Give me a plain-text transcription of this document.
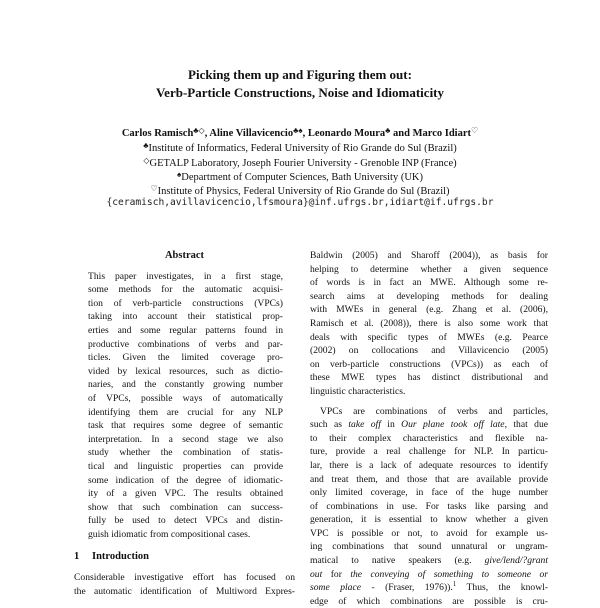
Picking them up and Figuring them out:
Verb-Particle Constructions, Noise and Idiomaticity
Carlos Ramisch♣◇, Aline Villavicencio♣♠, Leonardo Moura♣ and Marco Idiart♡
♣Institute of Informatics, Federal University of Rio Grande do Sul (Brazil)
◇GETALP Laboratory, Joseph Fourier University - Grenoble INP (France)
♠Department of Computer Sciences, Bath University (UK)
♡Institute of Physics, Federal University of Rio Grande do Sul (Brazil)
{ceramisch,avillavicencio,lfsmoura}@inf.ufrgs.br,idiart@if.ufrgs.br
Abstract
This paper investigates, in a first stage,
some methods for the automatic acquisi-
tion of verb-particle constructions (VPCs)
taking into account their statistical prop-
erties and some regular patterns found in
productive combinations of verbs and par-
ticles. Given the limited coverage pro-
vided by lexical resources, such as dictio-
naries, and the constantly growing number
of VPCs, possible ways of automatically
identifying them are crucial for any NLP
task that requires some degree of semantic
interpretation. In a second stage we also
study whether the combination of statis-
tical and linguistic properties can provide
some indication of the degree of idiomatic-
ity of a given VPC. The results obtained
show that such combination can success-
fully be used to detect VPCs and distin-
guish idiomatic from compositional cases.
1 Introduction
Considerable investigative effort has focused on
the automatic identification of Multiword Expres-
Baldwin (2005) and Sharoff (2004)), as basis for
helping to determine whether a given sequence
of words is in fact an MWE. Although some re-
search aims at developing methods for dealing
with MWEs in general (e.g. Zhang et al. (2006),
Ramisch et al. (2008)), there is also some work that
deals with specific types of MWEs (e.g. Pearce
(2002) on collocations and Villavicencio (2005)
on verb-particle constructions (VPCs)) as each of
these MWE types has distinct distributional and
linguistic characteristics.
VPCs are combinations of verbs and particles,
such as take off in Our plane took off late, that due
to their complex characteristics and flexible na-
ture, provide a real challenge for NLP. In particu-
lar, there is a lack of adequate resources to identify
and treat them, and those that are available provide
only limited coverage, in face of the huge number
of combinations in use. For tasks like parsing and
generation, it is essential to know whether a given
VPC is possible or not, to avoid for example us-
ing combinations that sound unnatural or ungram-
matical to native speakers (e.g. give/lend/?grant
out for the conveying of something to someone or
some place - (Fraser, 1976)).$^1$ Thus, the knowl-
edge of which combinations are possible is cru-
